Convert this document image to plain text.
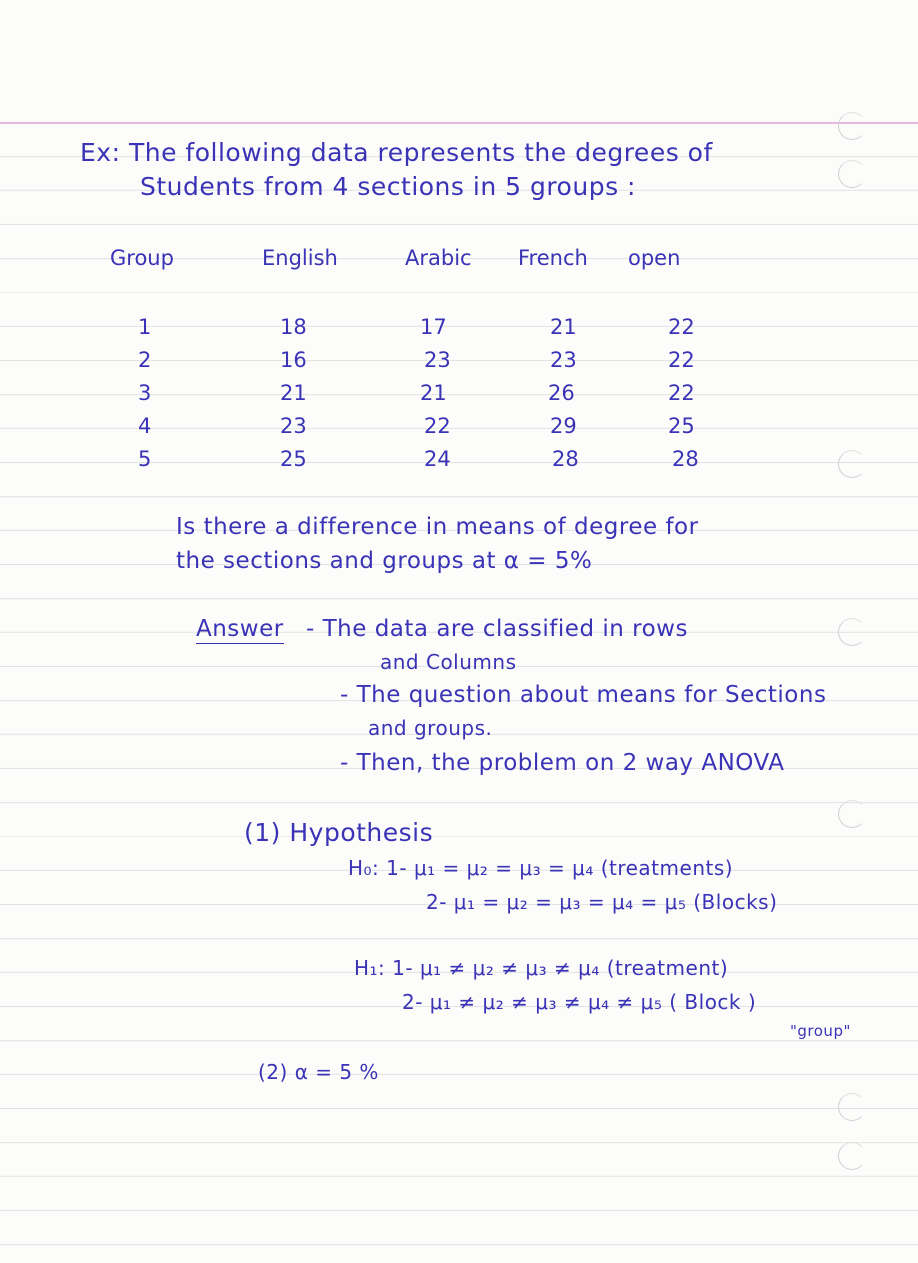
Ex: The following data represents the degrees of
Students from 4 sections in 5 groups :
Group	English	Arabic French open
1	18	17	21	22
2	16	23	23	22
3	21	21	26	22
4	23	22	29	25
5	25	24	28	28
Is there a difference in means of degree for
the sections and groups at α = 5%
Answer - The data are classified in rows
and Columns
- The question about means for Sections
and groups.
- Then, the problem on 2 way ANOVA
(1) Hypothesis
H₀: 1- μ₁ = μ₂ = μ₃ = μ₄ (treatments)
2- μ₁ = μ₂ = μ₃ = μ₄ = μ₅ (Blocks)
H₁: 1- μ₁ ≠ μ₂ ≠ μ₃ ≠ μ₄ (treatment)
2- μ₁ ≠ μ₂ ≠ μ₃ ≠ μ₄ ≠ μ₅ ( Block )
"group"
(2) α = 5 %
